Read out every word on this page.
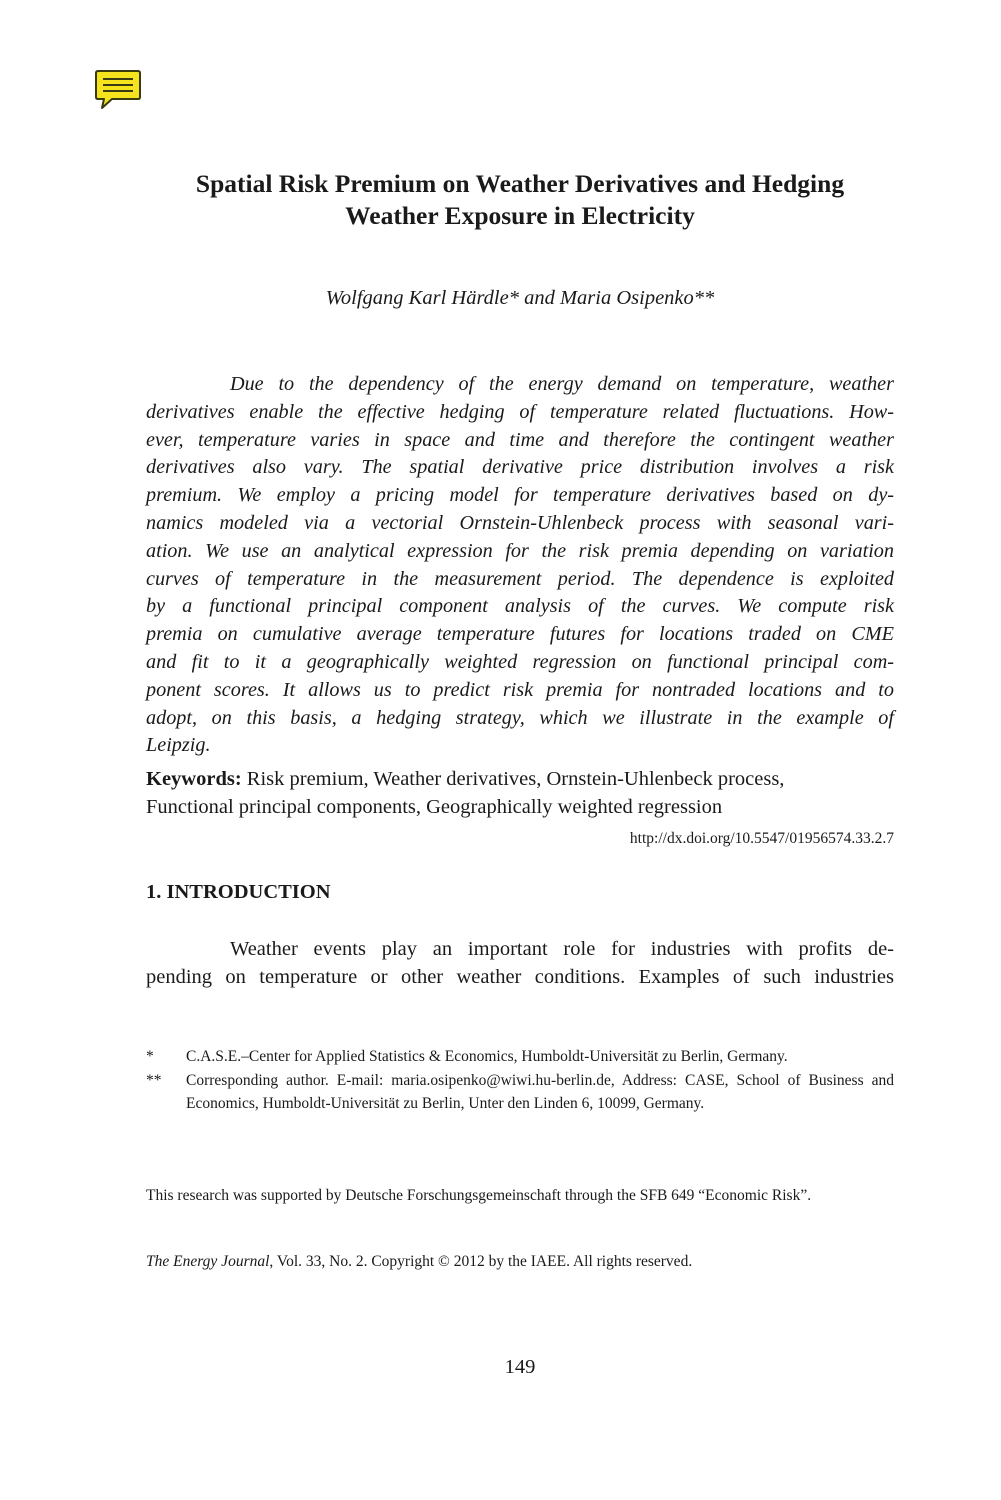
Spatial Risk Premium on Weather Derivatives and Hedging
Weather Exposure in Electricity
Wolfgang Karl Härdle* and Maria Osipenko**
Due to the dependency of the energy demand on temperature, weather
derivatives enable the effective hedging of temperature related fluctuations. How-
ever, temperature varies in space and time and therefore the contingent weather
derivatives also vary. The spatial derivative price distribution involves a risk
premium. We employ a pricing model for temperature derivatives based on dy-
namics modeled via a vectorial Ornstein-Uhlenbeck process with seasonal vari-
ation. We use an analytical expression for the risk premia depending on variation
curves of temperature in the measurement period. The dependence is exploited
by a functional principal component analysis of the curves. We compute risk
premia on cumulative average temperature futures for locations traded on CME
and fit to it a geographically weighted regression on functional principal com-
ponent scores. It allows us to predict risk premia for nontraded locations and to
adopt, on this basis, a hedging strategy, which we illustrate in the example of
Leipzig.
Keywords: Risk premium, Weather derivatives, Ornstein-Uhlenbeck process,
Functional principal components, Geographically weighted regression
http://dx.doi.org/10.5547/01956574.33.2.7
1. INTRODUCTION
Weather events play an important role for industries with profits de-
pending on temperature or other weather conditions. Examples of such industries
*	C.A.S.E.–Center for Applied Statistics & Economics, Humboldt-Universität zu Berlin, Germany.
**	Corresponding author. E-mail: maria.osipenko@wiwi.hu-berlin.de, Address: CASE, School of Business and Economics, Humboldt-Universität zu Berlin, Unter den Linden 6, 10099, Germany.
This research was supported by Deutsche Forschungsgemeinschaft through the SFB 649 “Economic Risk”.
The Energy Journal, Vol. 33, No. 2. Copyright © 2012 by the IAEE. All rights reserved.
149
